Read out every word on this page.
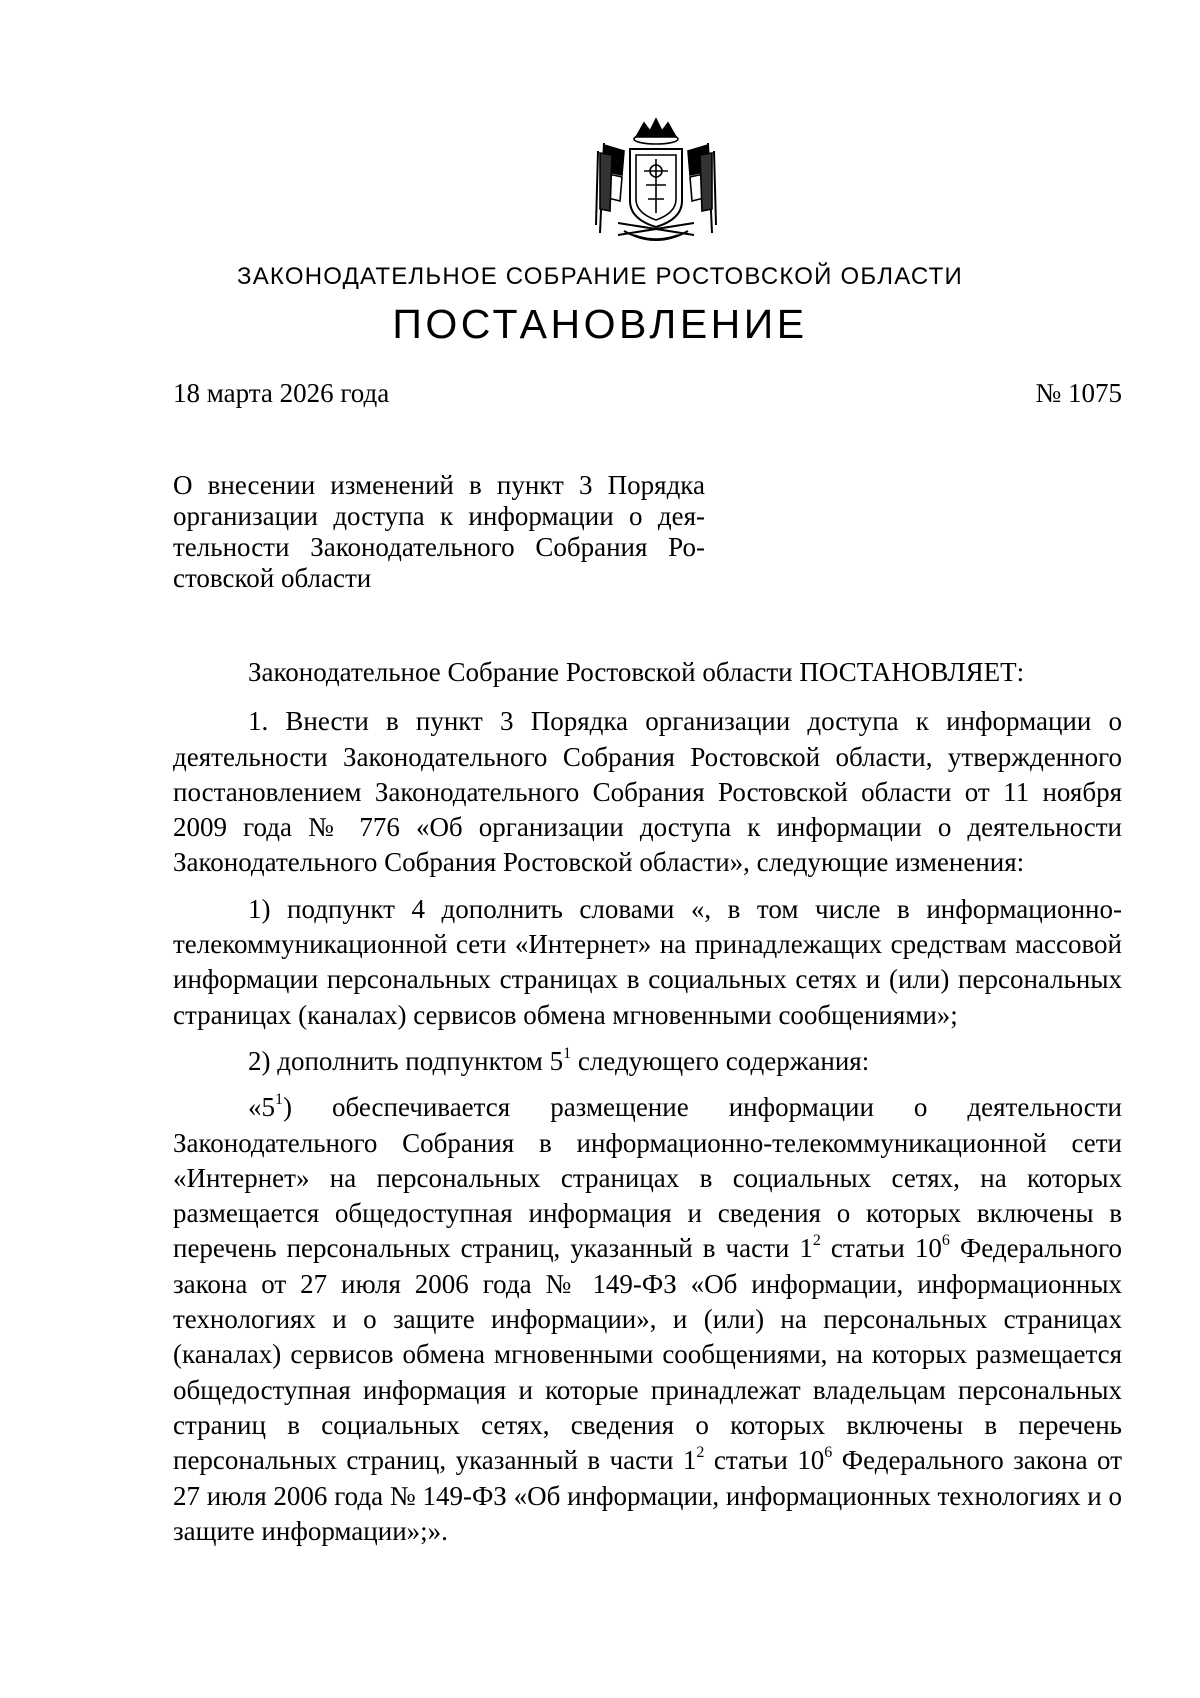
ЗАКОНОДАТЕЛЬНОЕ СОБРАНИЕ РОСТОВСКОЙ ОБЛАСТИ
ПОСТАНОВЛЕНИЕ
18 марта 2026 года	№ 1075
О внесении изменений в пункт 3 Порядка
организации доступа к информации о дея-
тельности Законодательного Собрания Ро-
стовской области

Законодательное Собрание Ростовской области ПОСТАНОВЛЯЕТ:

1. Внести в пункт 3 Порядка организации доступа к информации о деятельности Законодательного Собрания Ростовской области, утвержденного постановлением Законодательного Собрания Ростовской области от 11 ноября 2009 года № 776 «Об организации доступа к информации о деятельности Законодательного Собрания Ростовской области», следующие изменения:

1) подпункт 4 дополнить словами «, в том числе в информационно-телекоммуникационной сети «Интернет» на принадлежащих средствам массовой информации персональных страницах в социальных сетях и (или) персональных страницах (каналах) сервисов обмена мгновенными сообщениями»;

2) дополнить подпунктом $5^1$ следующего содержания:

«$5^1$) обеспечивается размещение информации о деятельности Законодательного Собрания в информационно-телекоммуникационной сети «Интернет» на персональных страницах в социальных сетях, на которых размещается общедоступная информация и сведения о которых включены в перечень персональных страниц, указанный в части $1^2$ статьи $10^6$ Федерального закона от 27 июля 2006 года № 149-ФЗ «Об информации, информационных технологиях и о защите информации», и (или) на персональных страницах (каналах) сервисов обмена мгновенными сообщениями, на которых размещается общедоступная информация и которые принадлежат владельцам персональных страниц в социальных сетях, сведения о которых включены в перечень персональных страниц, указанный в части $1^2$ статьи $10^6$ Федерального закона от 27 июля 2006 года № 149-ФЗ «Об информации, информационных технологиях и о защите информации»;».
